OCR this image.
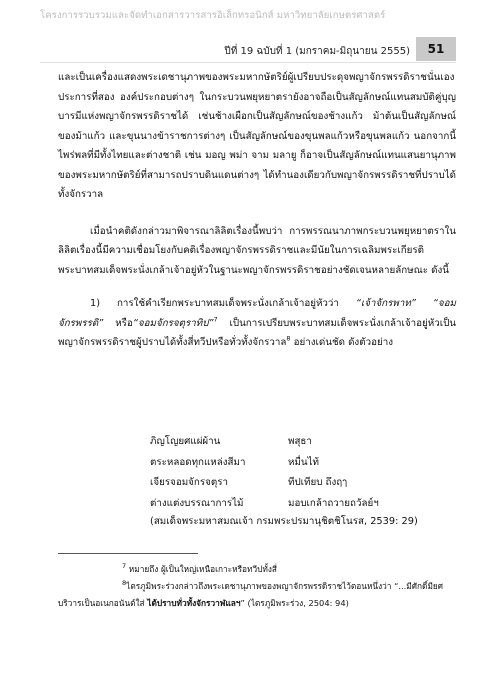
โครงการรวบรวมและจัดทำเอกสารวารสารอิเล็กทรอนิกส์ มหาวิทยาลัยเกษตรศาสตร์
ปีที่ 19 ฉบับที่ 1 (มกราคม-มิถุนายน 2555)	51

และเป็นเครื่องแสดงพระเดชานุภาพของพระมหากษัตริย์ผู้เปรียบประดุจพญาจักรพรรดิราชนั่นเอง ประการที่สอง องค์ประกอบต่างๆ ในกระบวนพยุหยาตรายังอาจถือเป็นสัญลักษณ์แทนสมบัติคู่บุญบารมีแห่งพญาจักรพรรดิราชได้ เช่นช้างเผือกเป็นสัญลักษณ์ของช้างแก้ว ม้าต้นเป็นสัญลักษณ์ของม้าแก้ว และขุนนางข้าราชการต่างๆ เป็นสัญลักษณ์ของขุนพลแก้วหรือขุนพลแก้ว นอกจากนี้ไพร่พลที่มีทั้งไทยและต่างชาติ เช่น มอญ พม่า จาม มลายู ก็อาจเป็นสัญลักษณ์แทนแสนยานุภาพของพระมหากษัตริย์ที่สามารถปราบดินแดนต่างๆ ได้ทำนองเดียวกับพญาจักรพรรดิราชที่ปราบได้ทั้งจักรวาล

เมื่อนำคติดังกล่าวมาพิจารณาลิลิตเรื่องนี้พบว่า การพรรณนาภาพกระบวนพยุหยาตราในลิลิตเรื่องนี้มีความเชื่อมโยงกับคติเรื่องพญาจักรพรรดิราชและมีนัยในการเฉลิมพระเกียรติพระบาทสมเด็จพระนั่งเกล้าเจ้าอยู่หัวในฐานะพญาจักรพรรดิราชอย่างชัดเจนหลายลักษณะ ดังนี้

1) การใช้คำเรียกพระบาทสมเด็จพระนั่งเกล้าเจ้าอยู่หัวว่า “เจ้าจักรพาท” “จอมจักรพรรดิ” หรือ“จอมจักรจตุราทิป”$^7$ เป็นการเปรียบพระบาทสมเด็จพระนั่งเกล้าเจ้าอยู่หัวเป็นพญาจักรพรรดิราชผู้ปราบได้ทั้งสี่ทวีปหรือทั่วทั้งจักรวาล$^8$ อย่างเด่นชัด ดังตัวอย่าง

ภิญโญยศแผ่ผ้าน	พสุธา
ตระหลอดทุกแหล่งสีมา	หมื่นไท้
เจียรจอมจักรจตุรา	ทีปเทียบ ถึงฤๅ
ต่างแต่งบรรณาการไม้	มอบเกล้าถวายถวัลย์ฯ
(สมเด็จพระมหาสมณเจ้า กรมพระปรมานุชิตชิโนรส, 2539: 29)

$^7$ หมายถึง ผู้เป็นใหญ่เหนือเกาะหรือทวีปทั้งสี่

$^8$ไตรภูมิพระร่วงกล่าวถึงพระเดชานุภาพของพญาจักรพรรดิราชไว้ตอนหนึ่งว่า “...มีศักดิ์มียศบริวารเป็นอเนกอนันต์ใส่ ได้ปราบทั่วทั้งจักรวาฬแลฯ” (ไตรภูมิพระร่วง, 2504: 94)
